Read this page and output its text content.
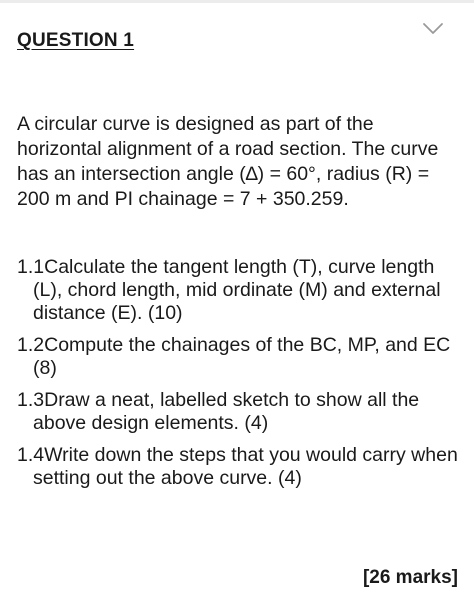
QUESTION 1
A circular curve is designed as part of the horizontal alignment of a road section. The curve has an intersection angle (∆) = 60°, radius (R) = 200 m and PI chainage = 7 + 350.259.
1.1Calculate the tangent length (T), curve length (L), chord length, mid ordinate (M) and external distance (E). (10)
1.2Compute the chainages of the BC, MP, and EC (8)
1.3Draw a neat, labelled sketch to show all the above design elements. (4)
1.4Write down the steps that you would carry when setting out the above curve. (4)
[26 marks]
